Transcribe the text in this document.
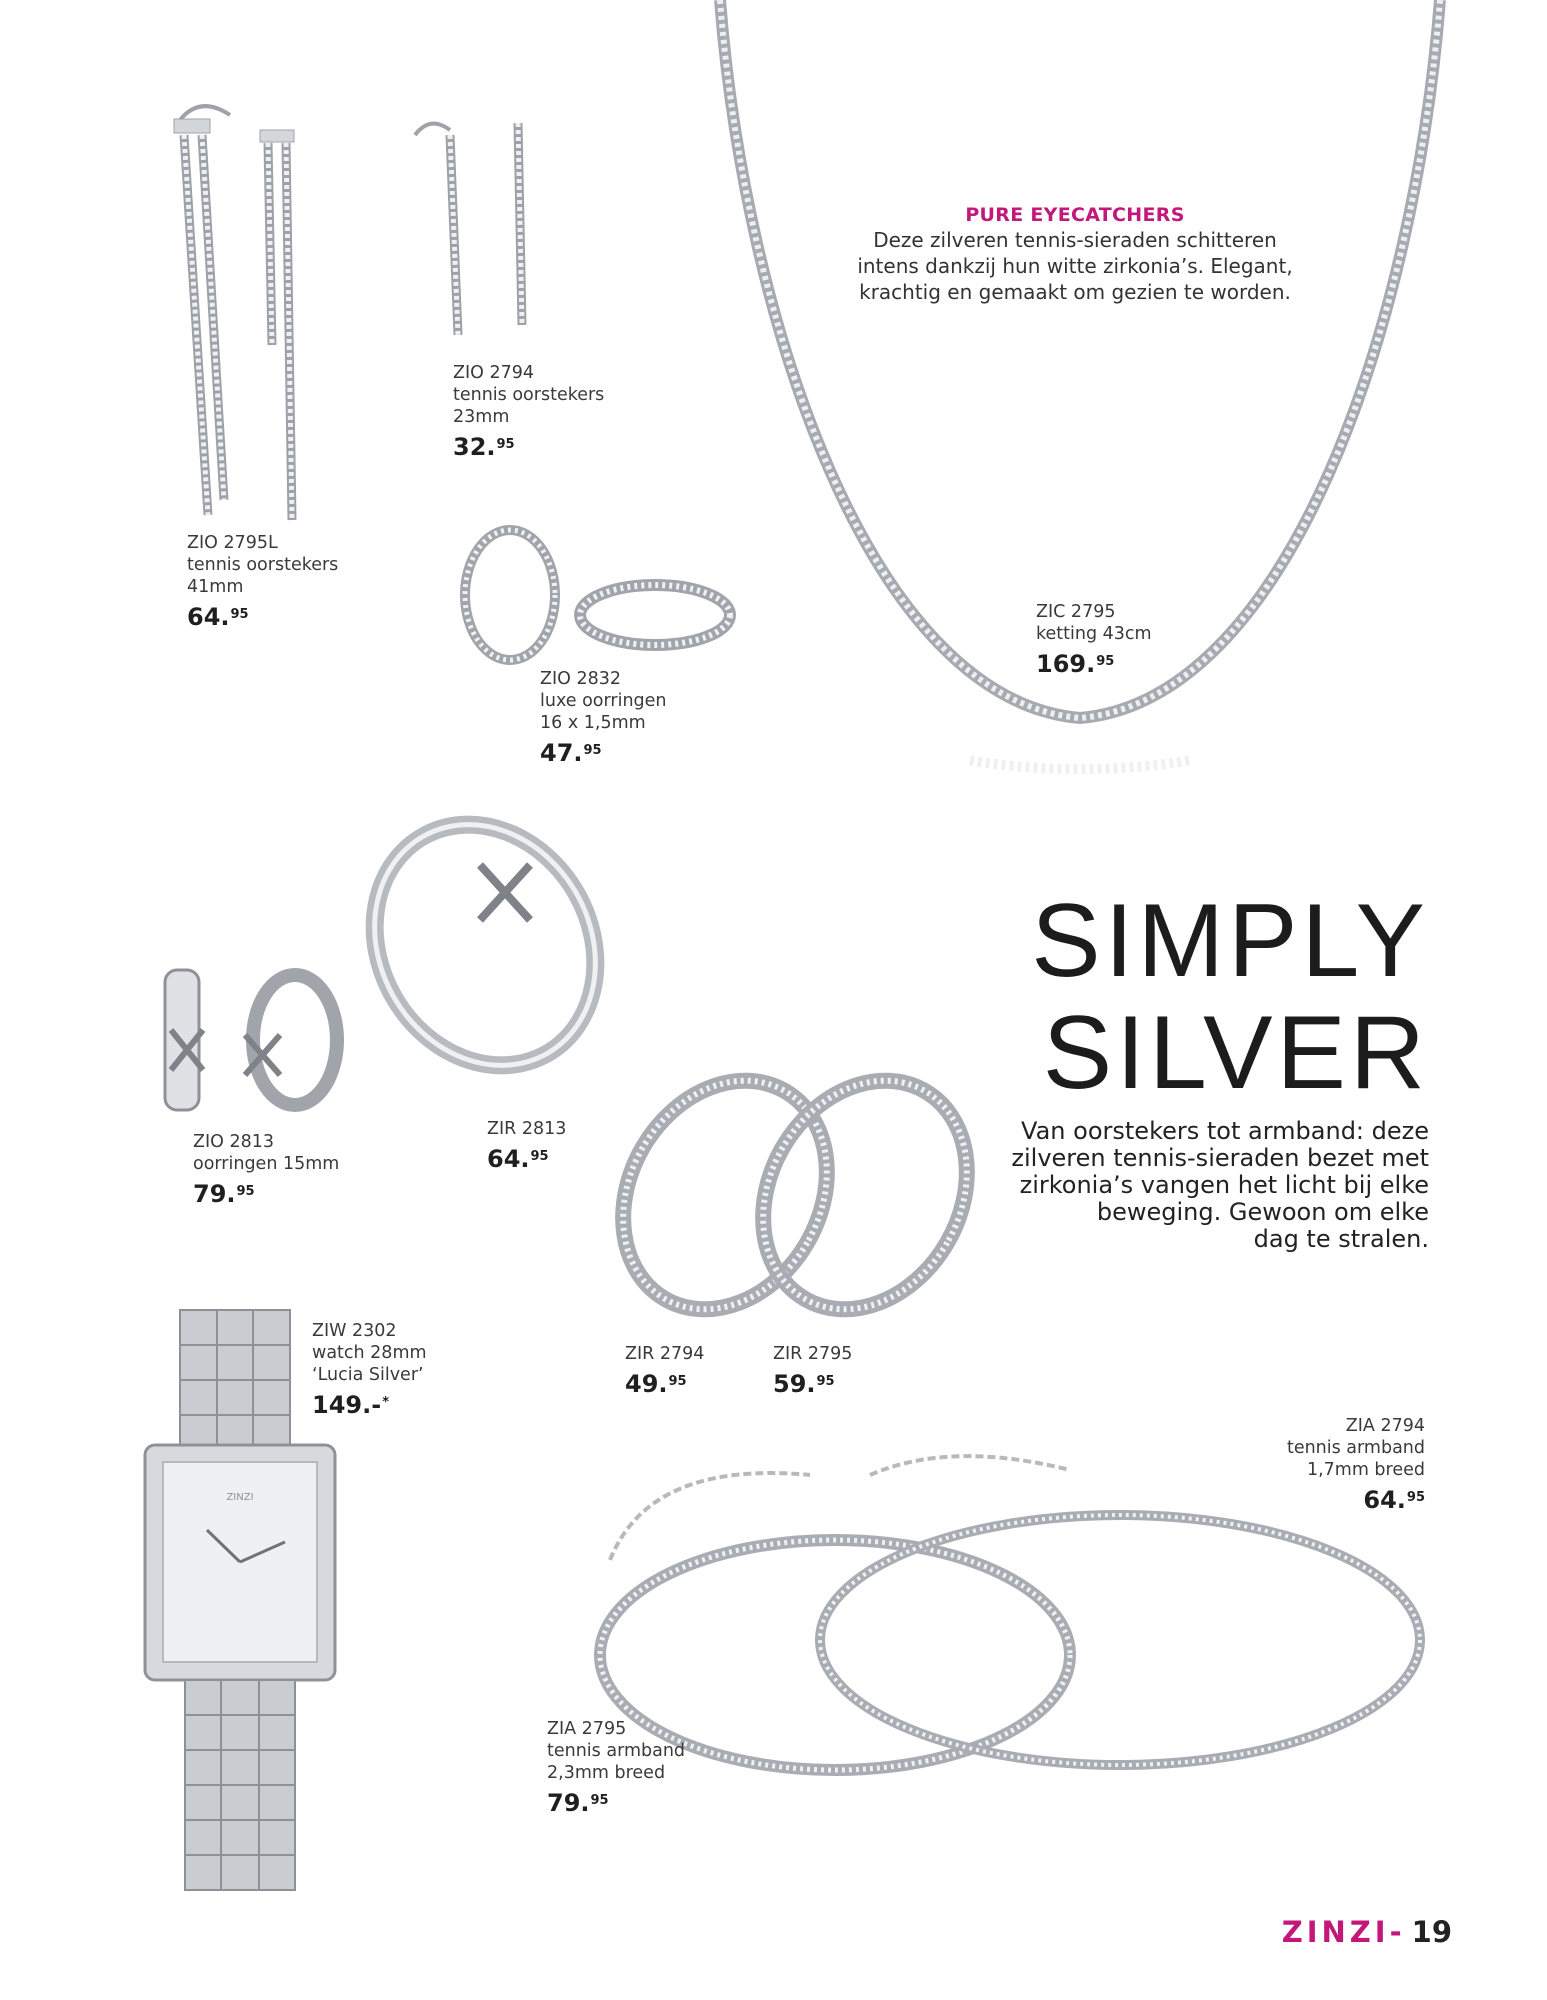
ZINZI
PURE EYECATCHERS
Deze zilveren tennis-sieraden schitteren
intens dankzij hun witte zirkonia’s. Elegant,
krachtig en gemaakt om gezien te worden.
SIMPLY
SILVER
Van oorstekers tot armband: deze
zilveren tennis-sieraden bezet met
zirkonia’s vangen het licht bij elke
beweging. Gewoon om elke
dag te stralen.
ZIO 2795L
tennis oorstekers
41mm
64.95
ZIO 2794
tennis oorstekers
23mm
32.95
ZIO 2832
luxe oorringen
16 x 1,5mm
47.95
ZIC 2795
ketting 43cm
169.95
ZIO 2813
oorringen 15mm
79.95
ZIR 2813
64.95
ZIR 2794
49.95
ZIR 2795
59.95
ZIW 2302
watch 28mm
‘Lucia Silver’
149.-*
ZIA 2794
tennis armband
1,7mm breed
64.95
ZIA 2795
tennis armband
2,3mm breed
79.95
ZINZI- 19
